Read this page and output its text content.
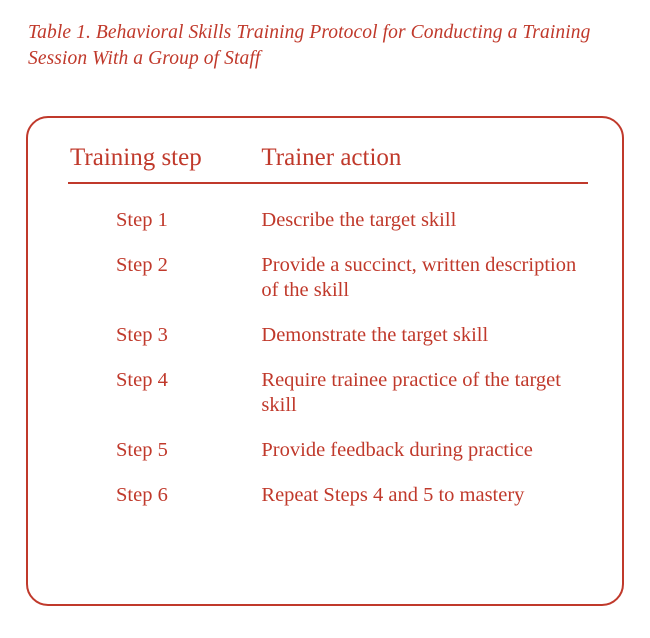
Table 1. Behavioral Skills Training Protocol for Conducting a Training Session With a Group of Staff
Training step	Trainer action
Step 1	Describe the target skill
Step 2	Provide a succinct, written description of the skill
Step 3	Demonstrate the target skill
Step 4	Require trainee practice of the target skill
Step 5	Provide feedback during practice
Step 6	Repeat Steps 4 and 5 to mastery
